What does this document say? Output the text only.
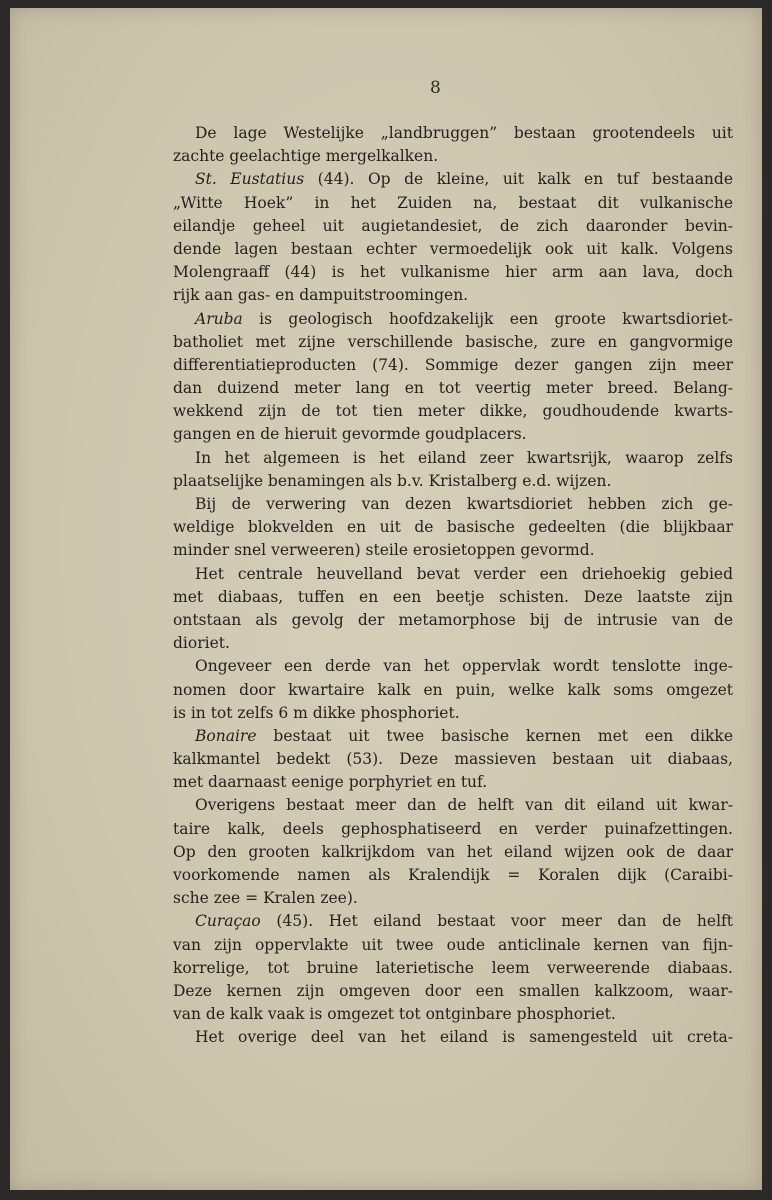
8
De lage Westelijke „landbruggen” bestaan grootendeels uit
zachte geelachtige mergelkalken.
St. Eustatius (44). Op de kleine, uit kalk en tuf bestaande
„Witte Hoek” in het Zuiden na, bestaat dit vulkanische
eilandje geheel uit augietandesiet, de zich daaronder bevin-
dende lagen bestaan echter vermoedelijk ook uit kalk. Volgens
Molengraaff (44) is het vulkanisme hier arm aan lava, doch
rijk aan gas- en dampuitstroomingen.
Aruba is geologisch hoofdzakelijk een groote kwartsdioriet-
batholiet met zijne verschillende basische, zure en gangvormige
differentiatieproducten (74). Sommige dezer gangen zijn meer
dan duizend meter lang en tot veertig meter breed. Belang-
wekkend zijn de tot tien meter dikke, goudhoudende kwarts-
gangen en de hieruit gevormde goudplacers.
In het algemeen is het eiland zeer kwartsrijk, waarop zelfs
plaatselijke benamingen als b.v. Kristalberg e.d. wijzen.
Bij de verwering van dezen kwartsdioriet hebben zich ge-
weldige blokvelden en uit de basische gedeelten (die blijkbaar
minder snel verweeren) steile erosietoppen gevormd.
Het centrale heuvelland bevat verder een driehoekig gebied
met diabaas, tuffen en een beetje schisten. Deze laatste zijn
ontstaan als gevolg der metamorphose bij de intrusie van de
dioriet.
Ongeveer een derde van het oppervlak wordt tenslotte inge-
nomen door kwartaire kalk en puin, welke kalk soms omgezet
is in tot zelfs 6 m dikke phosphoriet.
Bonaire bestaat uit twee basische kernen met een dikke
kalkmantel bedekt (53). Deze massieven bestaan uit diabaas,
met daarnaast eenige porphyriet en tuf.
Overigens bestaat meer dan de helft van dit eiland uit kwar-
taire kalk, deels gephosphatiseerd en verder puinafzettingen.
Op den grooten kalkrijkdom van het eiland wijzen ook de daar
voorkomende namen als Kralendijk = Koralen dijk (Caraibi-
sche zee = Kralen zee).
Curaçao (45). Het eiland bestaat voor meer dan de helft
van zijn oppervlakte uit twee oude anticlinale kernen van fijn-
korrelige, tot bruine laterietische leem verweerende diabaas.
Deze kernen zijn omgeven door een smallen kalkzoom, waar-
van de kalk vaak is omgezet tot ontginbare phosphoriet.
Het overige deel van het eiland is samengesteld uit creta-
